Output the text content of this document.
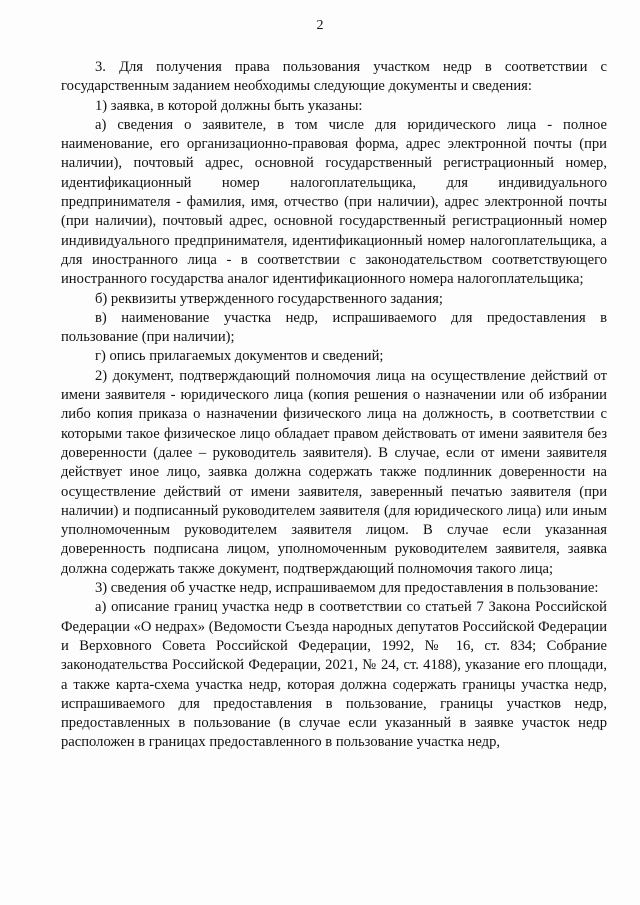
2

3. Для получения права пользования участком недр в соответствии с государственным заданием необходимы следующие документы и сведения:

1) заявка, в которой должны быть указаны:

а) сведения о заявителе, в том числе для юридического лица - полное наименование, его организационно-правовая форма, адрес электронной почты (при наличии), почтовый адрес, основной государственный регистрационный номер, идентификационный номер налогоплательщика, для индивидуального предпринимателя - фамилия, имя, отчество (при наличии), адрес электронной почты (при наличии), почтовый адрес, основной государственный регистрационный номер индивидуального предпринимателя, идентификационный номер налогоплательщика, а для иностранного лица - в соответствии с законодательством соответствующего иностранного государства аналог идентификационного номера налогоплательщика;

б) реквизиты утвержденного государственного задания;

в) наименование участка недр, испрашиваемого для предоставления в пользование (при наличии);

г) опись прилагаемых документов и сведений;

2) документ, подтверждающий полномочия лица на осуществление действий от имени заявителя - юридического лица (копия решения о назначении или об избрании либо копия приказа о назначении физического лица на должность, в соответствии с которыми такое физическое лицо обладает правом действовать от имени заявителя без доверенности (далее – руководитель заявителя). В случае, если от имени заявителя действует иное лицо, заявка должна содержать также подлинник доверенности на осуществление действий от имени заявителя, заверенный печатью заявителя (при наличии) и подписанный руководителем заявителя (для юридического лица) или иным уполномоченным руководителем заявителя лицом. В случае если указанная доверенность подписана лицом, уполномоченным руководителем заявителя, заявка должна содержать также документ, подтверждающий полномочия такого лица;

3) сведения об участке недр, испрашиваемом для предоставления в пользование:

а) описание границ участка недр в соответствии со статьей 7 Закона Российской Федерации «О недрах» (Ведомости Съезда народных депутатов Российской Федерации и Верховного Совета Российской Федерации, 1992, № 16, ст. 834; Собрание законодательства Российской Федерации, 2021, № 24, ст. 4188), указание его площади, а также карта-схема участка недр, которая должна содержать границы участка недр, испрашиваемого для предоставления в пользование, границы участков недр, предоставленных в пользование (в случае если указанный в заявке участок недр расположен в границах предоставленного в пользование участка недр,
